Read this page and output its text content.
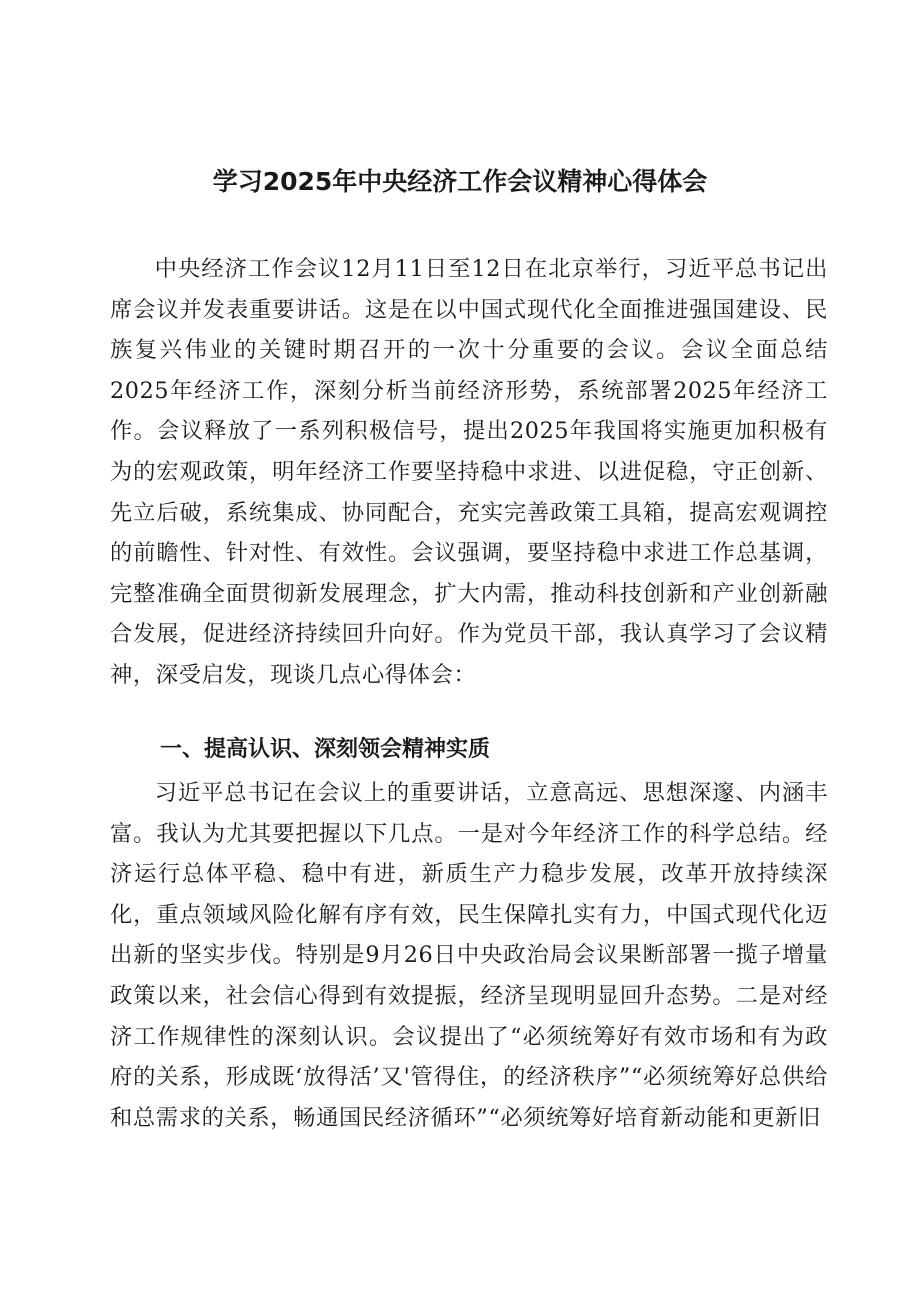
学习2025年中央经济工作会议精神心得体会

中央经济工作会议12月11日至12日在北京举行，习近平总书记出席会议并发表重要讲话。这是在以中国式现代化全面推进强国建设、民族复兴伟业的关键时期召开的一次十分重要的会议。会议全面总结2025年经济工作，深刻分析当前经济形势，系统部署2025年经济工作。会议释放了一系列积极信号，提出2025年我国将实施更加积极有为的宏观政策，明年经济工作要坚持稳中求进、以进促稳，守正创新、先立后破，系统集成、协同配合，充实完善政策工具箱，提高宏观调控的前瞻性、针对性、有效性。会议强调，要坚持稳中求进工作总基调，完整准确全面贯彻新发展理念，扩大内需，推动科技创新和产业创新融合发展，促进经济持续回升向好。作为党员干部，我认真学习了会议精神，深受启发，现谈几点心得体会：

一、提高认识、深刻领会精神实质

习近平总书记在会议上的重要讲话，立意高远、思想深邃、内涵丰富。我认为尤其要把握以下几点。一是对今年经济工作的科学总结。经济运行总体平稳、稳中有进，新质生产力稳步发展，改革开放持续深化，重点领域风险化解有序有效，民生保障扎实有力，中国式现代化迈出新的坚实步伐。特别是9月26日中央政治局会议果断部署一揽子增量政策以来，社会信心得到有效提振，经济呈现明显回升态势。二是对经济工作规律性的深刻认识。会议提出了“必须统筹好有效市场和有为政府的关系，形成既‘放得活’又'管得住，的经济秩序”“必须统筹好总供给和总需求的关系，畅通国民经济循环”“必须统筹好培育新动能和更新旧
